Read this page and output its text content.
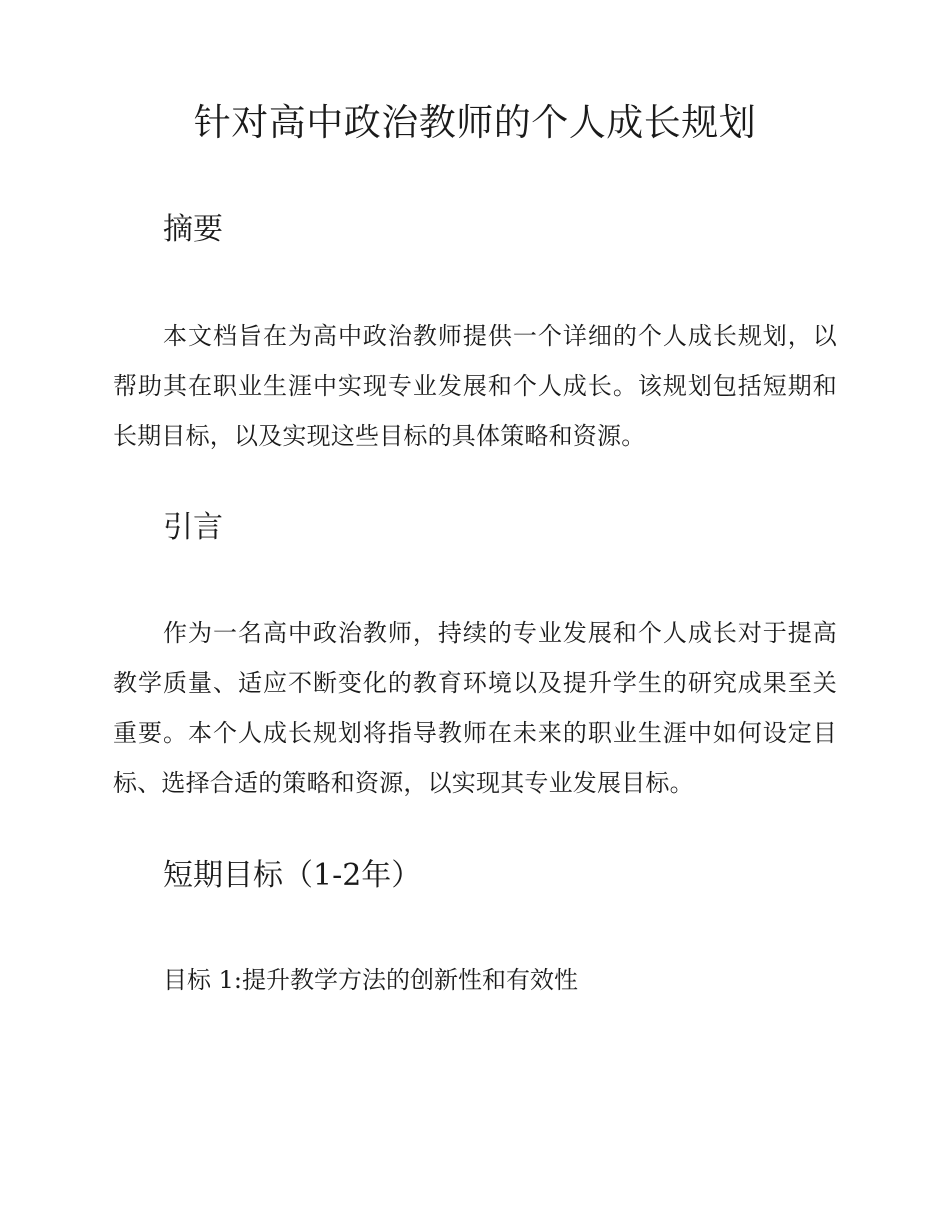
针对高中政治教师的个人成长规划
摘要

本文档旨在为高中政治教师提供一个详细的个人成长规划，以帮助其在职业生涯中实现专业发展和个人成长。该规划包括短期和长期目标，以及实现这些目标的具体策略和资源。

引言

作为一名高中政治教师，持续的专业发展和个人成长对于提高教学质量、适应不断变化的教育环境以及提升学生的研究成果至关重要。本个人成长规划将指导教师在未来的职业生涯中如何设定目标、选择合适的策略和资源，以实现其专业发展目标。

短期目标（1-2年）

目标 1:提升教学方法的创新性和有效性
